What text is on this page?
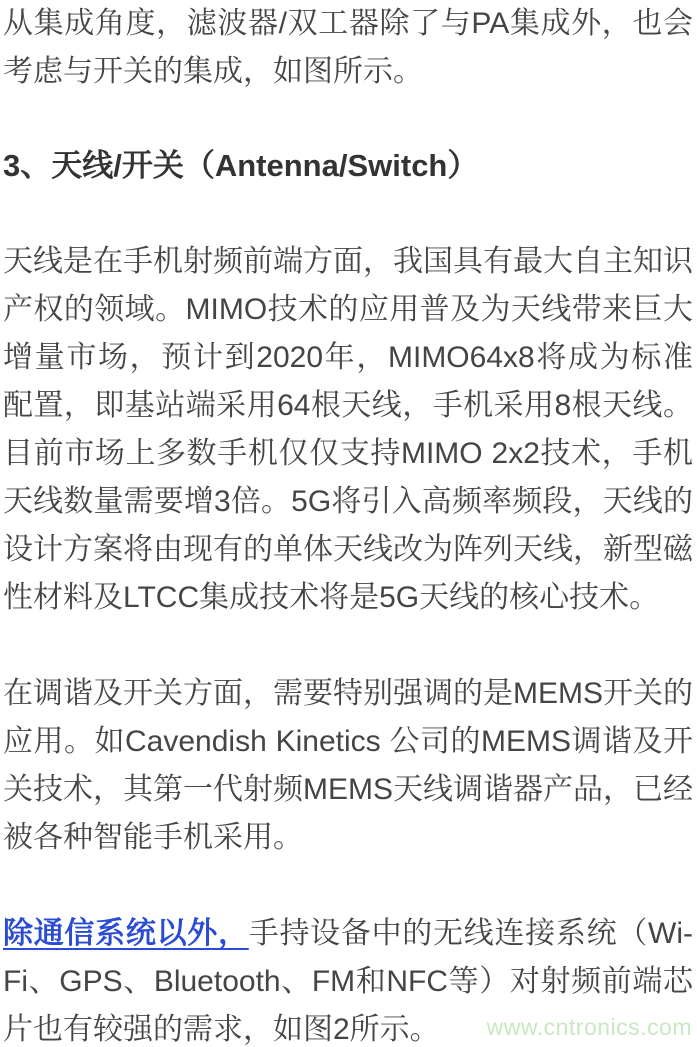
从集成角度，滤波器/双工器除了与PA集成外，也会考虑与开关的集成，如图所示。

3、天线/开关（Antenna/Switch）

天线是在手机射频前端方面，我国具有最大自主知识产权的领域。MIMO技术的应用普及为天线带来巨大增量市场，预计到2020年，MIMO64x8将成为标准配置，即基站端采用64根天线，手机采用8根天线。目前市场上多数手机仅仅支持MIMO 2x2技术，手机天线数量需要增3倍。5G将引入高频率频段，天线的设计方案将由现有的单体天线改为阵列天线，新型磁性材料及LTCC集成技术将是5G天线的核心技术。

在调谐及开关方面，需要特别强调的是MEMS开关的应用。如Cavendish Kinetics 公司的MEMS调谐及开关技术，其第一代射频MEMS天线调谐器产品，已经被各种智能手机采用。

除通信系统以外，手持设备中的无线连接系统（Wi-Fi、GPS、Bluetooth、FM和NFC等）对射频前端芯片也有较强的需求，如图2所示。	www.cntronics.com
